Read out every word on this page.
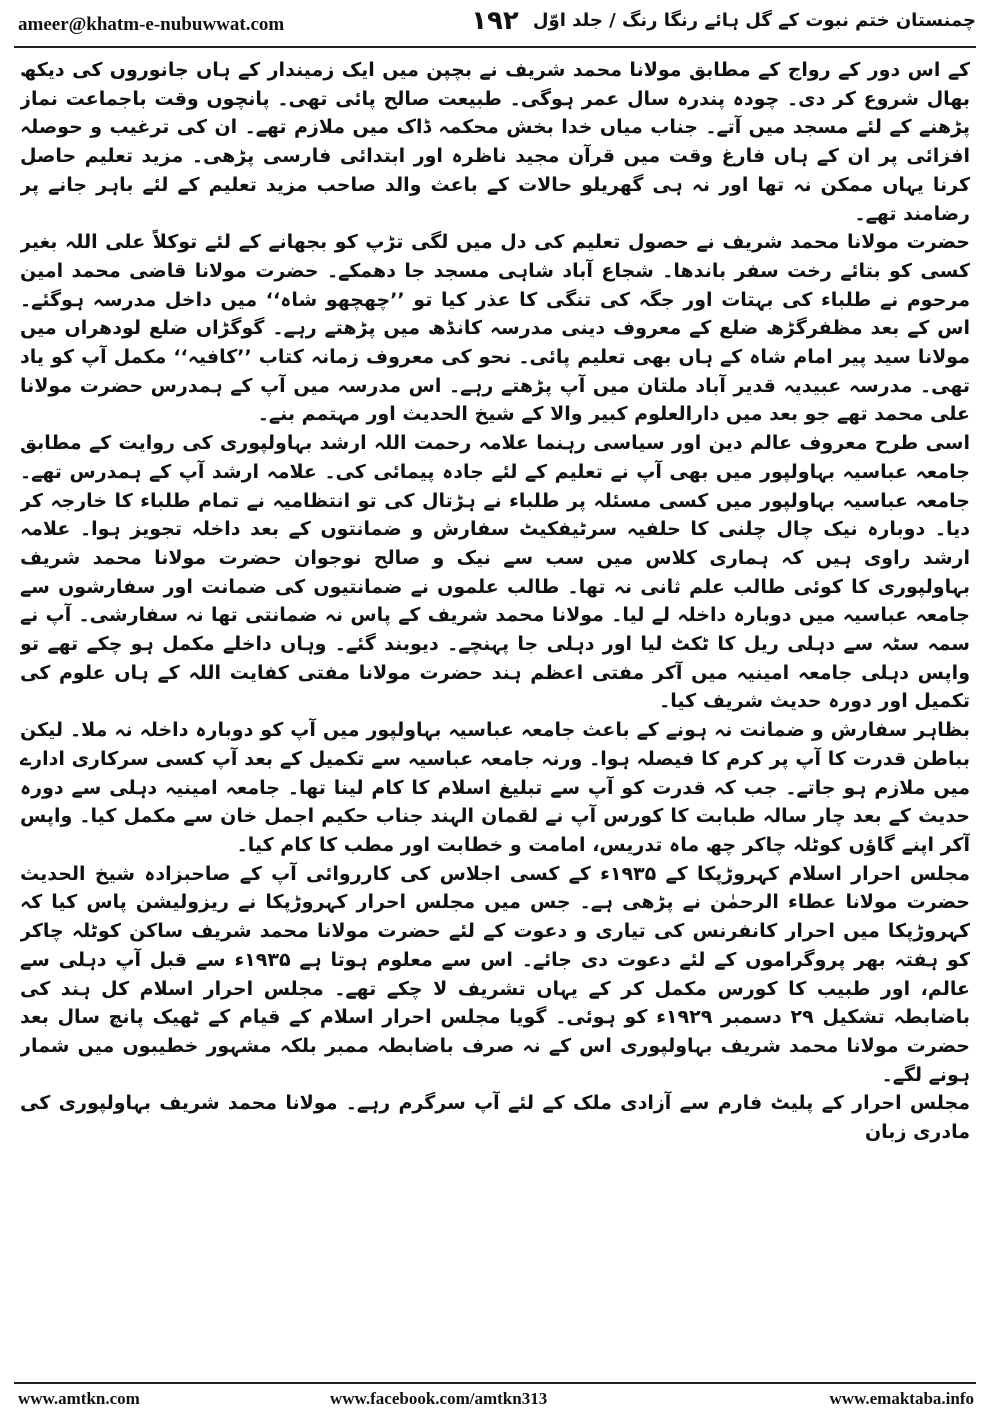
ameer@khatm-e-nubuwwat.com	۱۹۲ چمنستان ختم نبوت کے گل ہائے رنگا رنگ / جلد اوّل

کے اس دور کے رواج کے مطابق مولانا محمد شریف نے بچپن میں ایک زمیندار کے ہاں جانوروں کی دیکھ بھال شروع کر دی۔ چودہ پندرہ سال عمر ہوگی۔ طبیعت صالح پائی تھی۔ پانچوں وقت باجماعت نماز پڑھنے کے لئے مسجد میں آتے۔ جناب میاں خدا بخش محکمہ ڈاک میں ملازم تھے۔ ان کی ترغیب و حوصلہ افزائی پر ان کے ہاں فارغ وقت میں قرآن مجید ناظرہ اور ابتدائی فارسی پڑھی۔ مزید تعلیم حاصل کرنا یہاں ممکن نہ تھا اور نہ ہی گھریلو حالات کے باعث والد صاحب مزید تعلیم کے لئے باہر جانے پر رضامند تھے۔

حضرت مولانا محمد شریف نے حصول تعلیم کی دل میں لگی تڑپ کو بجھانے کے لئے توکلاً علی اللہ بغیر کسی کو بتائے رخت سفر باندھا۔ شجاع آباد شاہی مسجد جا دھمکے۔ حضرت مولانا قاضی محمد امین مرحوم نے طلباء کی بہتات اور جگہ کی تنگی کا عذر کیا تو ’’چھچھو شاہ‘‘ میں داخل مدرسہ ہوگئے۔ اس کے بعد مظفرگڑھ ضلع کے معروف دینی مدرسہ کانڈھ میں پڑھتے رہے۔ گوگڑاں ضلع لودھراں میں مولانا سید پیر امام شاہ کے ہاں بھی تعلیم پائی۔ نحو کی معروف زمانہ کتاب ’’کافیہ‘‘ مکمل آپ کو یاد تھی۔ مدرسہ عبیدیہ قدیر آباد ملتان میں آپ پڑھتے رہے۔ اس مدرسہ میں آپ کے ہمدرس حضرت مولانا علی محمد تھے جو بعد میں دارالعلوم کبیر والا کے شیخ الحدیث اور مہتمم بنے۔

اسی طرح معروف عالم دین اور سیاسی رہنما علامہ رحمت اللہ ارشد بہاولپوری کی روایت کے مطابق جامعہ عباسیہ بہاولپور میں بھی آپ نے تعلیم کے لئے جادہ پیمائی کی۔ علامہ ارشد آپ کے ہمدرس تھے۔ جامعہ عباسیہ بہاولپور میں کسی مسئلہ پر طلباء نے ہڑتال کی تو انتظامیہ نے تمام طلباء کا خارجہ کر دیا۔ دوبارہ نیک چال چلنی کا حلفیہ سرٹیفکیٹ سفارش و ضمانتوں کے بعد داخلہ تجویز ہوا۔ علامہ ارشد راوی ہیں کہ ہماری کلاس میں سب سے نیک و صالح نوجوان حضرت مولانا محمد شریف بہاولپوری کا کوئی طالب علم ثانی نہ تھا۔ طالب علموں نے ضمانتیوں کی ضمانت اور سفارشوں سے جامعہ عباسیہ میں دوبارہ داخلہ لے لیا۔ مولانا محمد شریف کے پاس نہ ضمانتی تھا نہ سفارشی۔ آپ نے سمہ سٹہ سے دہلی ریل کا ٹکٹ لیا اور دہلی جا پہنچے۔ دیوبند گئے۔ وہاں داخلے مکمل ہو چکے تھے تو واپس دہلی جامعہ امینیہ میں آکر مفتی اعظم ہند حضرت مولانا مفتی کفایت اللہ کے ہاں علوم کی تکمیل اور دورہ حدیث شریف کیا۔

بظاہر سفارش و ضمانت نہ ہونے کے باعث جامعہ عباسیہ بہاولپور میں آپ کو دوبارہ داخلہ نہ ملا۔ لیکن بباطن قدرت کا آپ پر کرم کا فیصلہ ہوا۔ ورنہ جامعہ عباسیہ سے تکمیل کے بعد آپ کسی سرکاری ادارے میں ملازم ہو جاتے۔ جب کہ قدرت کو آپ سے تبلیغ اسلام کا کام لینا تھا۔ جامعہ امینیہ دہلی سے دورہ حدیث کے بعد چار سالہ طبابت کا کورس آپ نے لقمان الہند جناب حکیم اجمل خان سے مکمل کیا۔ واپس آکر اپنے گاؤں کوٹلہ چاکر چھ ماہ تدریس، امامت و خطابت اور مطب کا کام کیا۔

مجلس احرار اسلام کہروڑپکا کے ۱۹۳۵ء کے کسی اجلاس کی کارروائی آپ کے صاحبزادہ شیخ الحدیث حضرت مولانا عطاء الرحمٰن نے پڑھی ہے۔ جس میں مجلس احرار کہروڑپکا نے ریزولیشن پاس کیا کہ کہروڑپکا میں احرار کانفرنس کی تیاری و دعوت کے لئے حضرت مولانا محمد شریف ساکن کوٹلہ چاکر کو ہفتہ بھر پروگراموں کے لئے دعوت دی جائے۔ اس سے معلوم ہوتا ہے ۱۹۳۵ء سے قبل آپ دہلی سے عالم، اور طبیب کا کورس مکمل کر کے یہاں تشریف لا چکے تھے۔ مجلس احرار اسلام کل ہند کی باضابطہ تشکیل ۲۹ دسمبر ۱۹۲۹ء کو ہوئی۔ گویا مجلس احرار اسلام کے قیام کے ٹھیک پانچ سال بعد حضرت مولانا محمد شریف بہاولپوری اس کے نہ صرف باضابطہ ممبر بلکہ مشہور خطیبوں میں شمار ہونے لگے۔

مجلس احرار کے پلیٹ فارم سے آزادی ملک کے لئے آپ سرگرم رہے۔ مولانا محمد شریف بہاولپوری کی مادری زبان

www.amtkn.com	www.facebook.com/amtkn313	www.emaktaba.info
